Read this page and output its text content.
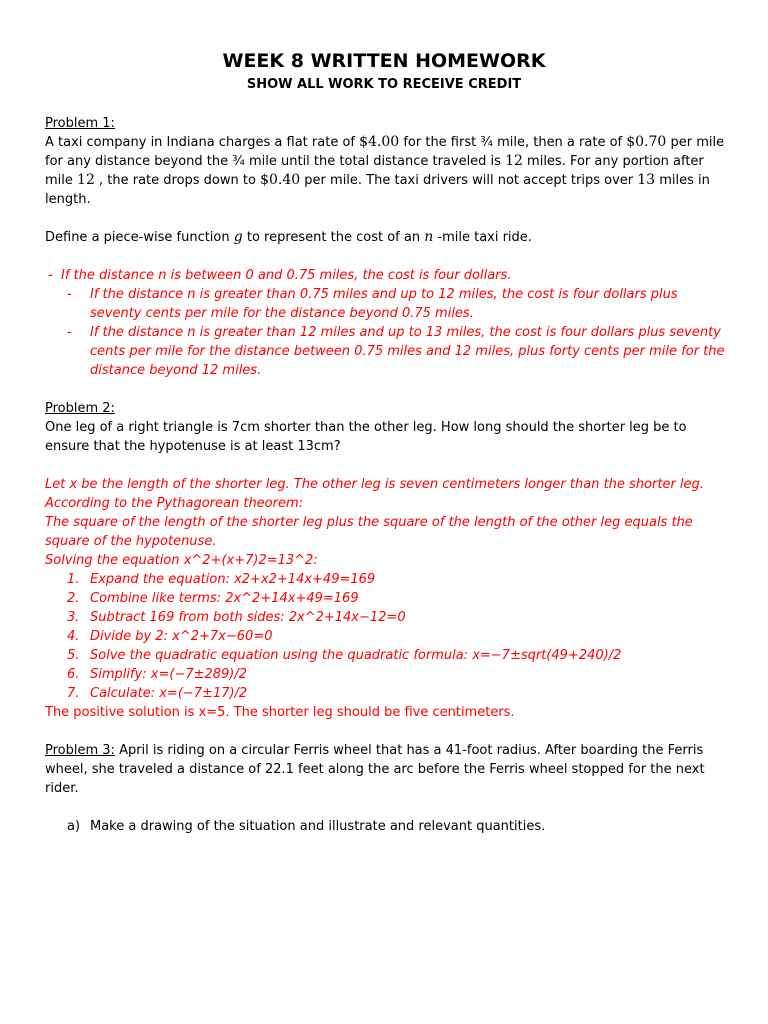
WEEK 8 WRITTEN HOMEWORK
SHOW ALL WORK TO RECEIVE CREDIT

Problem 1:

A taxi company in Indiana charges a flat rate of $4.00 for the first ¾ mile, then a rate of $0.70 per mile for any distance beyond the ¾ mile until the total distance traveled is 12 miles. For any portion after mile 12 , the rate drops down to $0.40 per mile. The taxi drivers will not accept trips over 13 miles in length.

Define a piece-wise function g to represent the cost of an n -mile taxi ride.

- If the distance n is between 0 and 0.75 miles, the cost is four dollars.
-	If the distance n is greater than 0.75 miles and up to 12 miles, the cost is four dollars plus seventy cents per mile for the distance beyond 0.75 miles.
-	If the distance n is greater than 12 miles and up to 13 miles, the cost is four dollars plus seventy cents per mile for the distance between 0.75 miles and 12 miles, plus forty cents per mile for the distance beyond 12 miles.

Problem 2:

One leg of a right triangle is 7cm shorter than the other leg. How long should the shorter leg be to ensure that the hypotenuse is at least 13cm?

Let x be the length of the shorter leg. The other leg is seven centimeters longer than the shorter leg. According to the Pythagorean theorem:

The square of the length of the shorter leg plus the square of the length of the other leg equals the square of the hypotenuse.

Solving the equation x^2+(x+7)2=13^2:

1. Expand the equation: x2+x2+14x+49=169
2. Combine like terms: 2x^2+14x+49=169
3. Subtract 169 from both sides: 2x^2+14x−12=0
4. Divide by 2: x^2+7x−60=0
5. Solve the quadratic equation using the quadratic formula: x=−7±sqrt(49+240)/2
6. Simplify: x=(−7±289)/2
7. Calculate: x=(−7±17)/2

The positive solution is x=5. The shorter leg should be five centimeters.

Problem 3: April is riding on a circular Ferris wheel that has a 41-foot radius. After boarding the Ferris wheel, she traveled a distance of 22.1 feet along the arc before the Ferris wheel stopped for the next rider.

a) Make a drawing of the situation and illustrate and relevant quantities.
